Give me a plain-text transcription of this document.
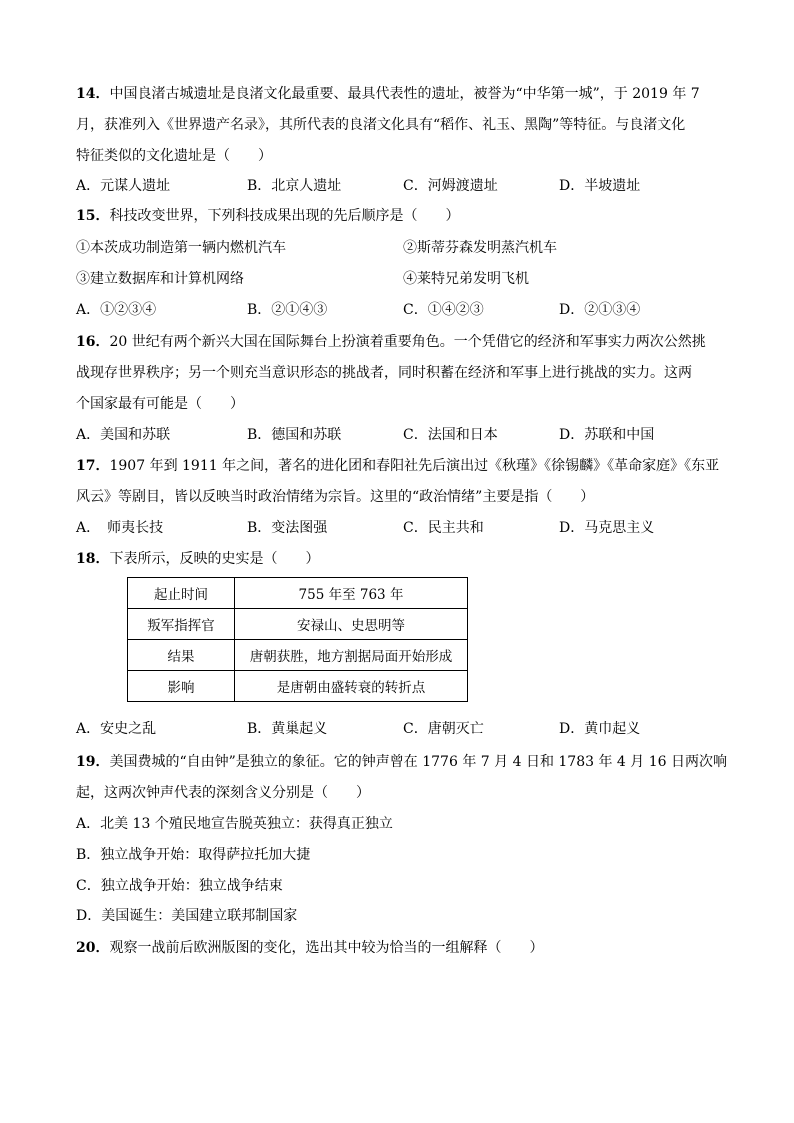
14．中国良渚古城遗址是良渚文化最重要、最具代表性的遗址，被誉为“中华第一城”，于 2019 年 7
月，获准列入《世界遗产名录》，其所代表的良渚文化具有“稻作、礼玉、黑陶”等特征。与良渚文化
特征类似的文化遗址是（　　）
A．元谋人遗址	B．北京人遗址	C．河姆渡遗址	D．半坡遗址
15．科技改变世界，下列科技成果出现的先后顺序是（　　）
①本茨成功制造第一辆内燃机汽车	②斯蒂芬森发明蒸汽机车
③建立数据库和计算机网络	④莱特兄弟发明飞机
A．①②③④	B．②①④③	C．①④②③	D．②①③④
16．20 世纪有两个新兴大国在国际舞台上扮演着重要角色。一个凭借它的经济和军事实力两次公然挑
战现存世界秩序；另一个则充当意识形态的挑战者，同时积蓄在经济和军事上进行挑战的实力。这两
个国家最有可能是（　　）
A．美国和苏联	B．德国和苏联	C．法国和日本	D．苏联和中国
17．1907 年到 1911 年之间，著名的进化团和春阳社先后演出过《秋瑾》《徐锡麟》《革命家庭》《东亚
风云》等剧目，皆以反映当时政治情绪为宗旨。这里的“政治情绪”主要是指（　　）
A．　师夷长技	B．变法图强	C．民主共和	D．马克思主义
18．下表所示，反映的史实是（　　）
起止时间	755 年至 763 年
叛军指挥官	安禄山、史思明等
结果	唐朝获胜，地方割据局面开始形成
影响	是唐朝由盛转衰的转折点
A．安史之乱	B．黄巢起义	C．唐朝灭亡	D．黄巾起义
19．美国费城的“自由钟”是独立的象征。它的钟声曾在 1776 年 7 月 4 日和 1783 年 4 月 16 日两次响
起，这两次钟声代表的深刻含义分别是（　　）
A．北美 13 个殖民地宣告脱英独立：获得真正独立
B．独立战争开始：取得萨拉托加大捷
C．独立战争开始：独立战争结束
D．美国诞生：美国建立联邦制国家
20．观察一战前后欧洲版图的变化，选出其中较为恰当的一组解释（　　）
